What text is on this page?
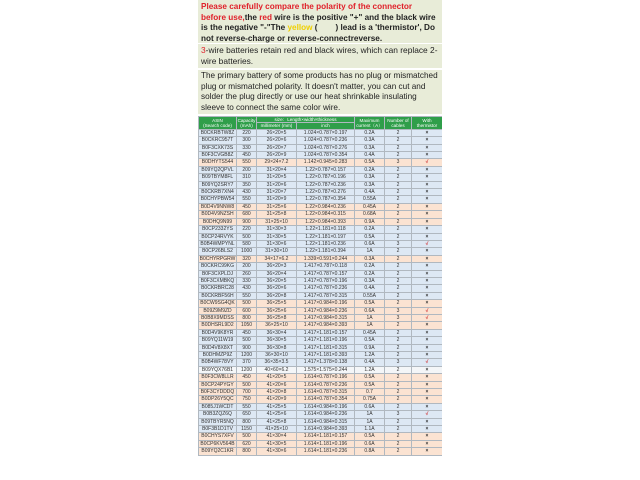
Please carefully compare the polarity of the connector before use,the red wire is the positive "+" and the black wire is the negative "-"The yellow ( ) lead is a 'thermistor', Do not reverse-charge or reverse-connectreverse.
3-wire batteries retain red and black wires, which can replace 2-wire batteries.
The primary battery of some products has no plug or mismatched plug or mismatched polarity. It doesn't matter, you can cut and solder the plug directly or use our heat shrinkable insulating sleeve to connect the same color wire.
ASIN
(Search code)	Capacity (mAh)	size：Length×width×thickness		Maximum current（A）	Number of cables	With thermistor
		millimeter (mm)	inch			
B0CKRBTW8Z	220	26×20×5	1.024×0.787×0.197	0.2A	2	×
B0CKRC957T	300	26×20×6	1.024×0.787×0.236	0.3A	2	×
B0F3CXK73S	330	26×20×7	1.024×0.787×0.276	0.3A	2	×
B0F3CVGB8Z	450	26×20×9	1.024×0.787×0.354	0.4A	2	×
B0DHYTS544	550	29×24×7.2	1.142×0.945×0.283	0.5A	3	√
B09YQ2QPVL	200	31×20×4	1.22×0.787×0.157	0.2A	2	×
B09TBYM8FL	310	31×20×5	1.22×0.787×0.196	0.3A	2	×
B09YQ2SRY7	350	31×20×6	1.22×0.787×0.236	0.3A	2	×
B0CKRB7XN4	430	31×20×7	1.22×0.787×0.276	0.4A	2	×
B0CHYPBW54	550	31×20×9	1.22×0.787×0.354	0.55A	2	×
B0D4V9NNW8	450	31×25×6	1.22×0.984×0.236	0.45A	2	×
B0D4V9NZSH	680	31×25×8	1.22×0.984×0.315	0.68A	2	×
B0DHQ9N99	900	31×25×10	1.22×0.984×0.393	0.9A	2	×
B0CP2332YS	220	31×30×3	1.22×1.181×0.118	0.2A	2	×
B0CP24RVYK	500	31×30×5	1.22×1.181×0.197	0.5A	2	×
B0B4WMPYNL	580	31×30×6	1.22×1.181×0.236	0.6A	3	√
B0CP26BLS2	1000	31×30×10	1.22×1.181×0.394	1A	2	×
B0CHYRPGRW	320	34×17×6.2	1.339×0.591×0.244	0.3A	2	×
B0CKRC99KG	200	36×20×3	1.417×0.787×0.118	0.2A	2	×
B0F3CXPLDJ	260	36×20×4	1.417×0.787×0.157	0.2A	2	×
B0F3CXMBKQ	330	36×20×5	1.417×0.787×0.196	0.3A	2	×
B0CKRBRC28	430	36×20×6	1.417×0.787×0.236	0.4A	2	×
B0CKRBF56H	550	36×20×8	1.417×0.787×0.315	0.55A	2	×
B0CW9SG4QK	500	36×25×5	1.417×0.984×0.196	0.5A	2	×
B09Z9M9ZD	600	36×25×6	1.417×0.984×0.236	0.6A	3	√
B0B8X9MDSS	800	36×25×8	1.417×0.984×0.315	1A	3	√
B0DHSRL9D2	1050	36×25×10	1.417×0.984×0.393	1A	2	×
B0D4V9K8YR	450	36×30×4	1.417×1.181×0.157	0.45A	2	×
B09YQ11W19	500	36×30×5	1.417×1.181×0.196	0.5A	2	×
B0D4V8X8XT	900	36×30×8	1.417×1.181×0.315	0.9A	2	×
B0DHMZP9Z	1200	36×30×10	1.417×1.181×0.393	1.2A	2	×
B0B4WF78VY	370	36×35×3.5	1.417×1.378×0.138	0.4A	3	√
B09YQX76B1	1200	40×60×6.2	1.575×1.575×0.244	1.2A	2	×
B0F3CW8LLR	450	41×20×5	1.614×0.787×0.196	0.5A	2	×
B0CP24PYGY	500	41×20×6	1.614×0.787×0.236	0.5A	2	×
B0F3CYDDDQ	700	41×20×8	1.614×0.787×0.315	0.7	2	×
B0DP26Y5QC	750	41×20×9	1.614×0.787×0.354	0.75A	2	×
B085J1WCDT	550	41×25×5	1.614×0.984×0.196	0.6A	2	×
B0B3ZQZ6Q	650	41×25×6	1.614×0.984×0.236	1A	3	√
B09TBYR5NQ	800	41×25×8	1.614×0.984×0.315	1A	2	×
B0F3B1D1TV	1150	41×25×10	1.614×0.984×0.393	1.1A	2	×
B0CHYS7XFV	500	41×30×4	1.614×1.181×0.157	0.5A	2	×
B0CP6KV564B	620	41×30×5	1.614×1.181×0.196	0.6A	2	×
B09YQ2C1KR	800	41×30×6	1.614×1.181×0.236	0.8A	2	×
